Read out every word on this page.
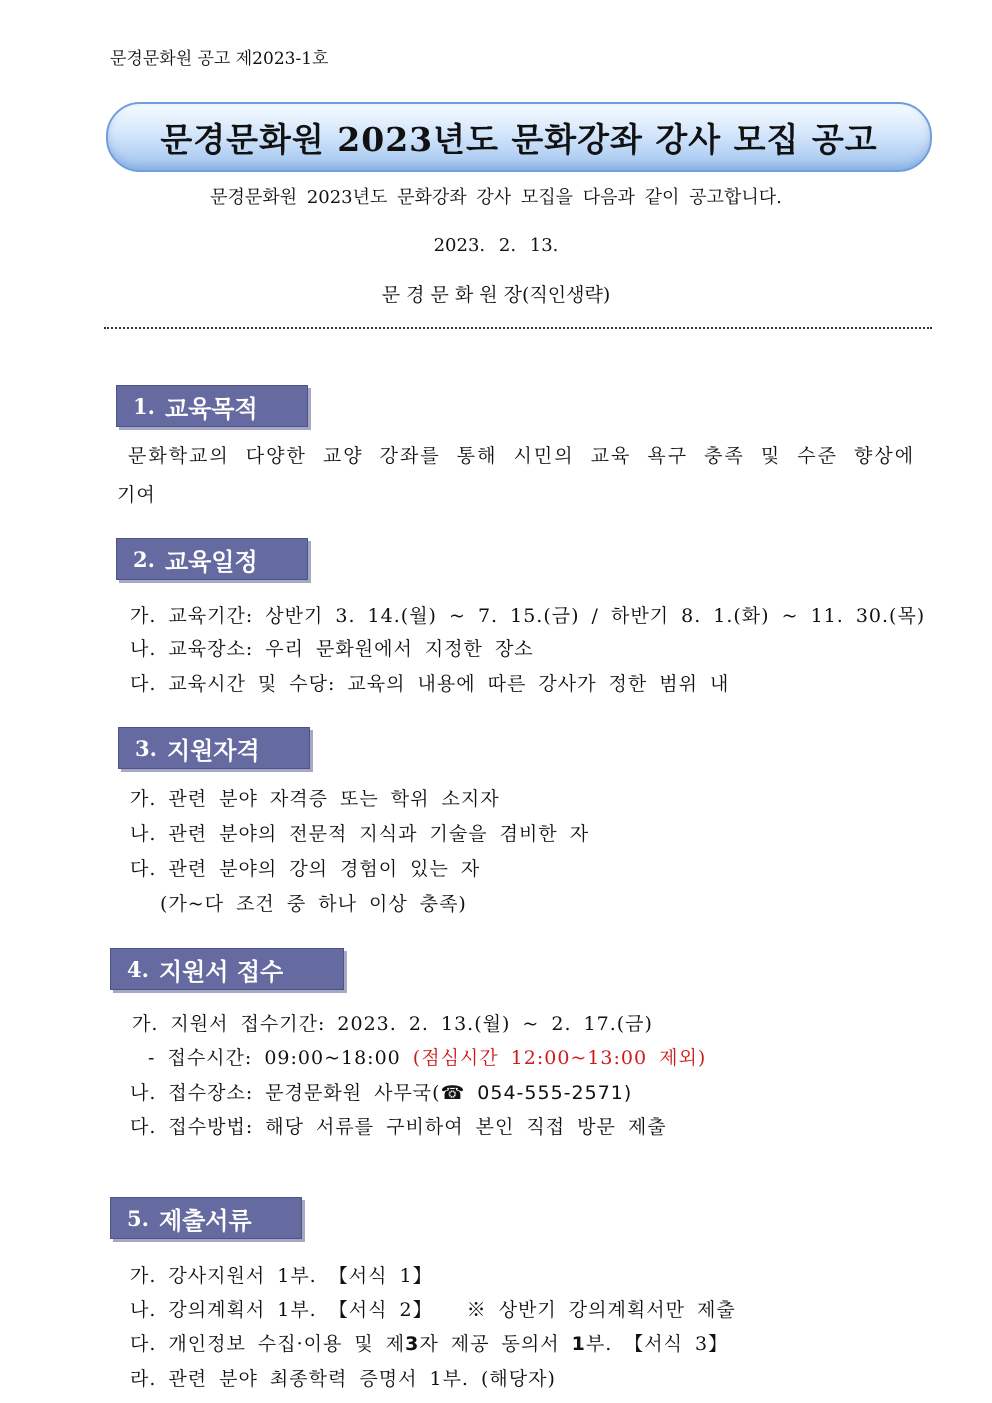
문경문화원 공고 제2023-1호
문경문화원 2023년도 문화강좌 강사 모집 공고
문경문화원 2023년도 문화강좌 강사 모집을 다음과 같이 공고합니다.
2023. 2. 13.
문 경 문 화 원 장(직인생략)
1. 교육목적
문화학교의 다양한 교양 강좌를 통해 시민의 교육 욕구 충족 및 수준 향상에
기여
2. 교육일정
가. 교육기간: 상반기 3. 14.(월) ~ 7. 15.(금) / 하반기 8. 1.(화) ~ 11. 30.(목)
나. 교육장소: 우리 문화원에서 지정한 장소
다. 교육시간 및 수당: 교육의 내용에 따른 강사가 정한 범위 내
3. 지원자격
가. 관련 분야 자격증 또는 학위 소지자
나. 관련 분야의 전문적 지식과 기술을 겸비한 자
다. 관련 분야의 강의 경험이 있는 자
(가~다 조건 중 하나 이상 충족)
4. 지원서 접수
가. 지원서 접수기간: 2023. 2. 13.(월) ~ 2. 17.(금)
- 접수시간: 09:00~18:00 (점심시간 12:00~13:00 제외)
나. 접수장소: 문경문화원 사무국(☎ 054-555-2571)
다. 접수방법: 해당 서류를 구비하여 본인 직접 방문 제출
5. 제출서류
가. 강사지원서 1부. 【서식 1】
나. 강의계획서 1부. 【서식 2】 ※ 상반기 강의계획서만 제출
다. 개인정보 수집·이용 및 제3자 제공 동의서 1부. 【서식 3】
라. 관련 분야 최종학력 증명서 1부. (해당자)
